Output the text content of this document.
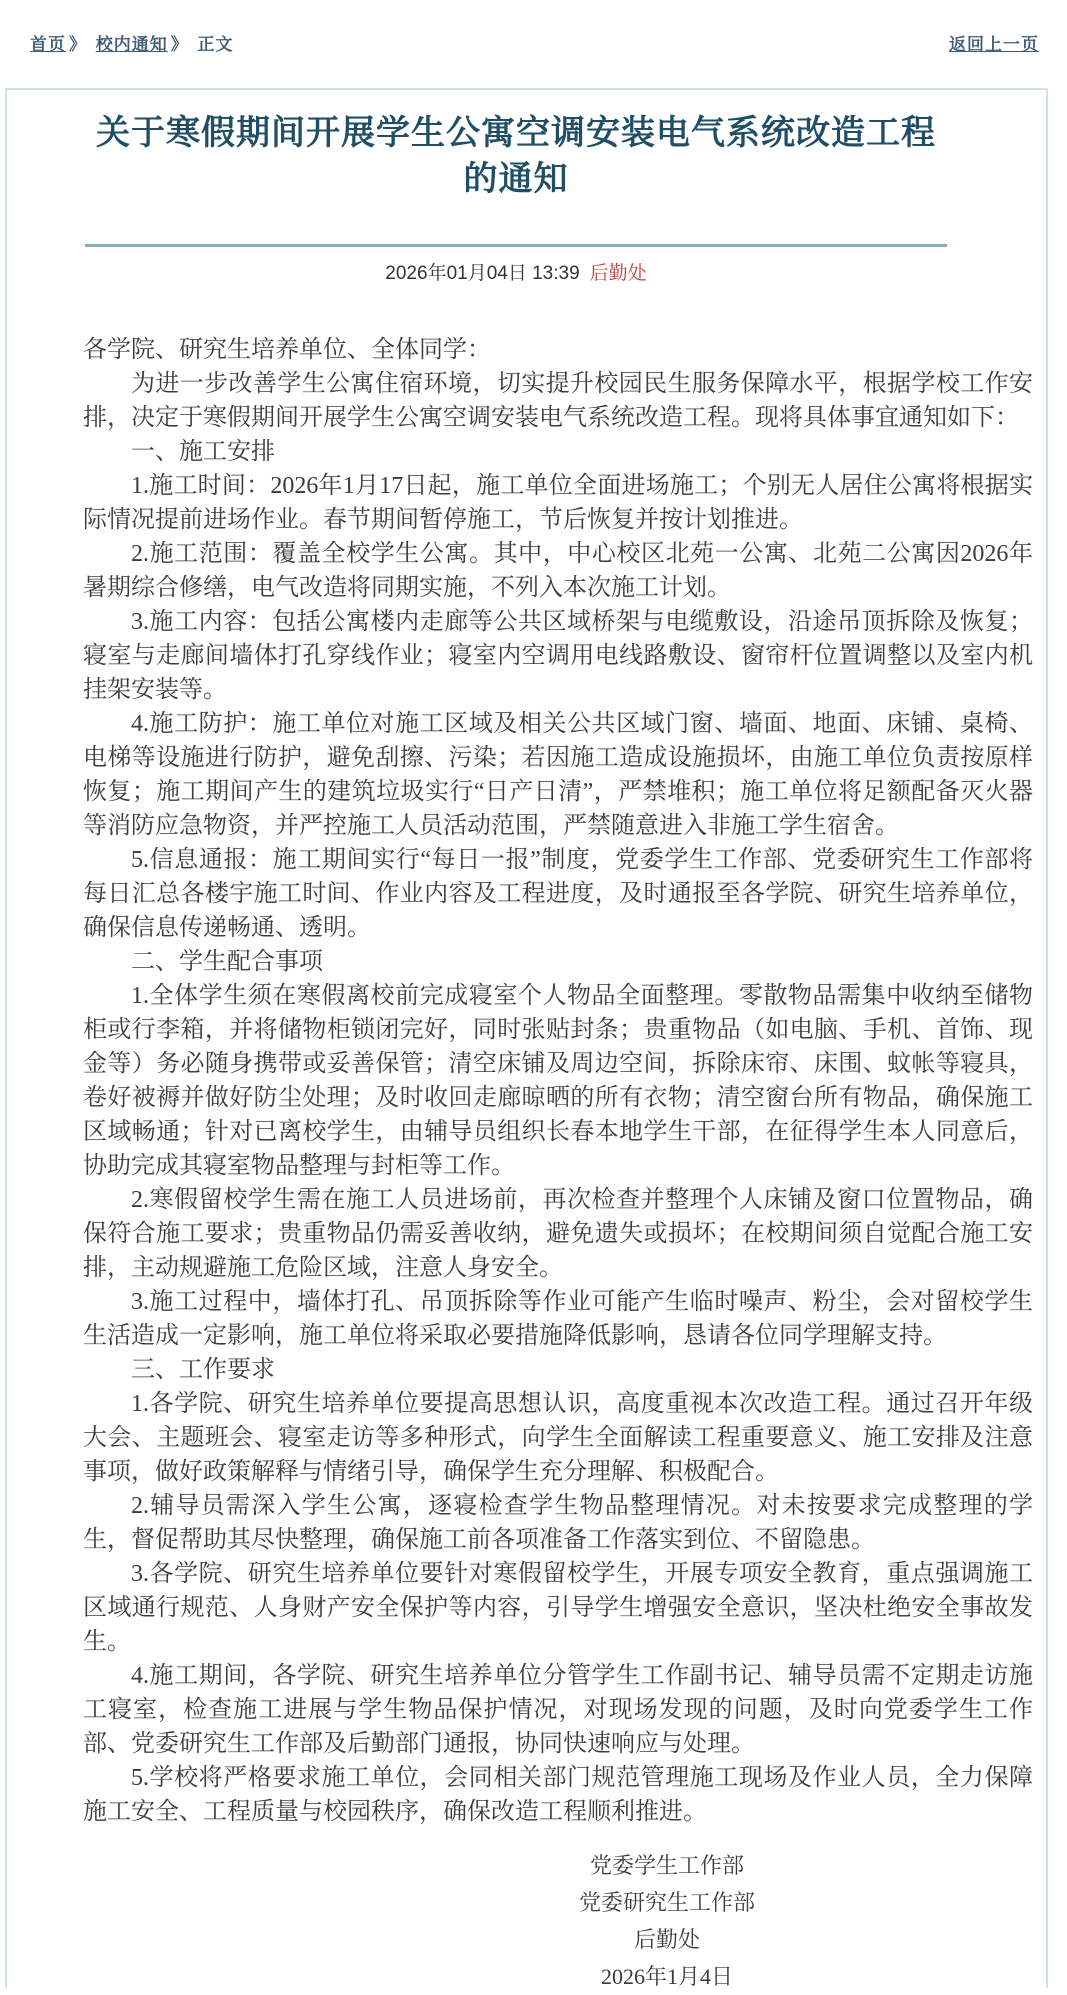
首页 》 校内通知 》 正文	返回上一页
关于寒假期间开展学生公寓空调安装电气系统改造工程的通知
2026年01月04日 13:39 后勤处

各学院、研究生培养单位、全体同学：

为进一步改善学生公寓住宿环境，切实提升校园民生服务保障水平，根据学校工作安排，决定于寒假期间开展学生公寓空调安装电气系统改造工程。现将具体事宜通知如下：

一、施工安排

1.施工时间：2026年1月17日起，施工单位全面进场施工；个别无人居住公寓将根据实际情况提前进场作业。春节期间暂停施工，节后恢复并按计划推进。

2.施工范围：覆盖全校学生公寓。其中，中心校区北苑一公寓、北苑二公寓因2026年暑期综合修缮，电气改造将同期实施，不列入本次施工计划。

3.施工内容：包括公寓楼内走廊等公共区域桥架与电缆敷设，沿途吊顶拆除及恢复；寝室与走廊间墙体打孔穿线作业；寝室内空调用电线路敷设、窗帘杆位置调整以及室内机挂架安装等。

4.施工防护：施工单位对施工区域及相关公共区域门窗、墙面、地面、床铺、桌椅、电梯等设施进行防护，避免刮擦、污染；若因施工造成设施损坏，由施工单位负责按原样恢复；施工期间产生的建筑垃圾实行“日产日清”，严禁堆积；施工单位将足额配备灭火器等消防应急物资，并严控施工人员活动范围，严禁随意进入非施工学生宿舍。

5.信息通报：施工期间实行“每日一报”制度，党委学生工作部、党委研究生工作部将每日汇总各楼宇施工时间、作业内容及工程进度，及时通报至各学院、研究生培养单位，确保信息传递畅通、透明。

二、学生配合事项

1.全体学生须在寒假离校前完成寝室个人物品全面整理。零散物品需集中收纳至储物柜或行李箱，并将储物柜锁闭完好，同时张贴封条；贵重物品（如电脑、手机、首饰、现金等）务必随身携带或妥善保管；清空床铺及周边空间，拆除床帘、床围、蚊帐等寝具，卷好被褥并做好防尘处理；及时收回走廊晾晒的所有衣物；清空窗台所有物品，确保施工区域畅通；针对已离校学生，由辅导员组织长春本地学生干部，在征得学生本人同意后，协助完成其寝室物品整理与封柜等工作。

2.寒假留校学生需在施工人员进场前，再次检查并整理个人床铺及窗口位置物品，确保符合施工要求；贵重物品仍需妥善收纳，避免遗失或损坏；在校期间须自觉配合施工安排，主动规避施工危险区域，注意人身安全。

3.施工过程中，墙体打孔、吊顶拆除等作业可能产生临时噪声、粉尘，会对留校学生生活造成一定影响，施工单位将采取必要措施降低影响，恳请各位同学理解支持。

三、工作要求

1.各学院、研究生培养单位要提高思想认识，高度重视本次改造工程。通过召开年级大会、主题班会、寝室走访等多种形式，向学生全面解读工程重要意义、施工安排及注意事项，做好政策解释与情绪引导，确保学生充分理解、积极配合。

2.辅导员需深入学生公寓，逐寝检查学生物品整理情况。对未按要求完成整理的学生，督促帮助其尽快整理，确保施工前各项准备工作落实到位、不留隐患。

3.各学院、研究生培养单位要针对寒假留校学生，开展专项安全教育，重点强调施工区域通行规范、人身财产安全保护等内容，引导学生增强安全意识，坚决杜绝安全事故发生。

4.施工期间，各学院、研究生培养单位分管学生工作副书记、辅导员需不定期走访施工寝室，检查施工进展与学生物品保护情况，对现场发现的问题，及时向党委学生工作部、党委研究生工作部及后勤部门通报，协同快速响应与处理。

5.学校将严格要求施工单位，会同相关部门规范管理施工现场及作业人员，全力保障施工安全、工程质量与校园秩序，确保改造工程顺利推进。

党委学生工作部
党委研究生工作部
后勤处
2026年1月4日
